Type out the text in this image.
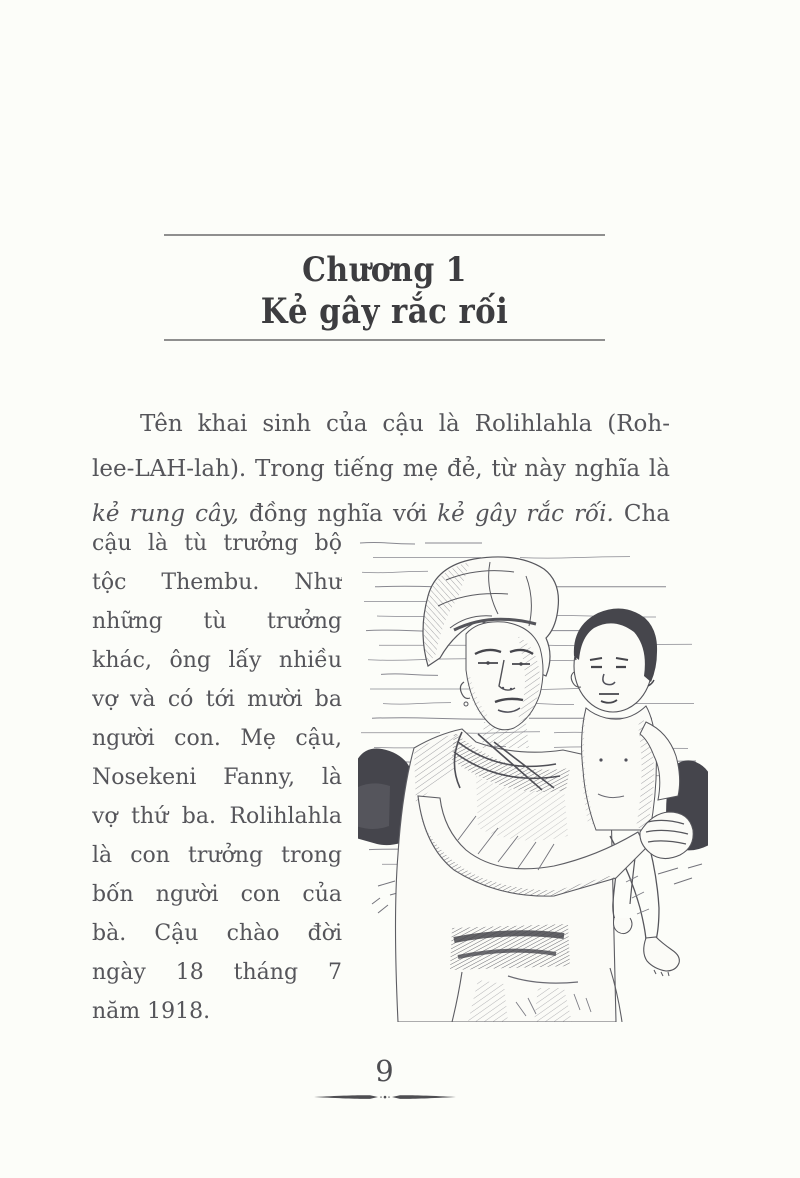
Chương 1
Kẻ gây rắc rối
Tên khai sinh của cậu là Rolihlahla (Roh-
lee-LAH-lah). Trong tiếng mẹ đẻ, từ này nghĩa là
kẻ rung cây, đồng nghĩa với kẻ gây rắc rối. Cha
cậu là tù trưởng bộ
tộc Thembu. Như
những tù trưởng
khác, ông lấy nhiều
vợ và có tới mười ba
người con. Mẹ cậu,
Nosekeni Fanny, là
vợ thứ ba. Rolihlahla
là con trưởng trong
bốn người con của
bà. Cậu chào đời
ngày 18 tháng 7
năm 1918.
9
